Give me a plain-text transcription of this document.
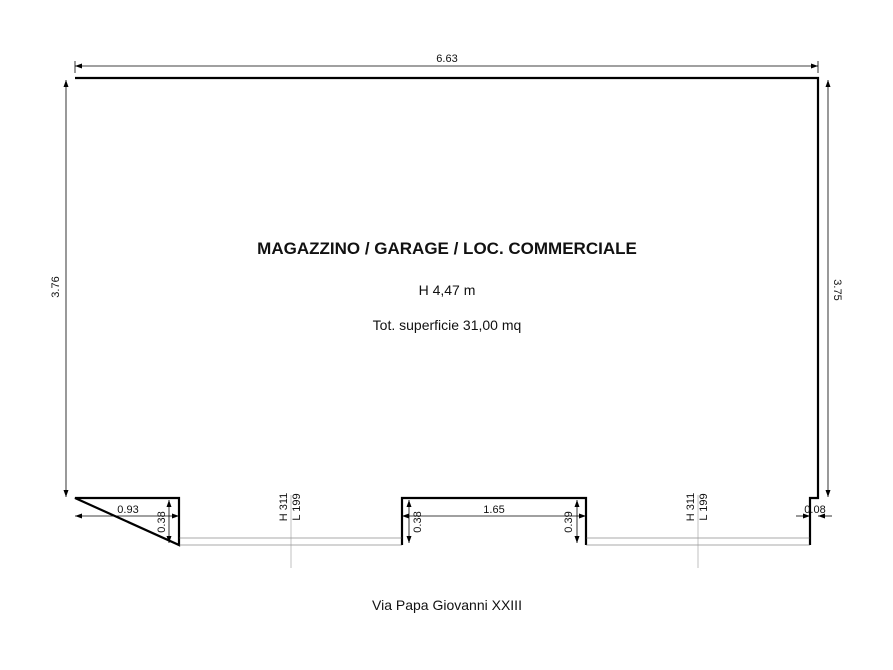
6.63
3.76	3.75
H 311 L 199	H 311 L 199
0.93
0.38	0.38
1.65
0.39
0.08
MAGAZZINO / GARAGE / LOC. COMMERCIALE
H 4,47 m
Tot. superficie 31,00 mq
Via Papa Giovanni XXIII
